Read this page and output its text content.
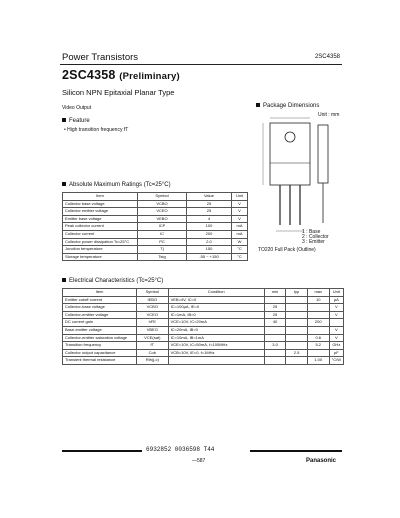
Power Transistors	2SC4358
2SC4358 (Preliminary)
Silicon NPN Epitaxial Planar Type
Video Output
Feature
• High transition frequency fT
Package Dimensions
Unit : mm
1 : Base
2 : Collector
3 : Emitter
TO220 Full Pack (Outline)
Absolute Maximum Ratings (Tc=25°C)
Item	Symbol	Value	Unit
Collector base voltage	VCBO	25	V
Collector emitter voltage	VCEO	25	V
Emitter base voltage	VEBO	4	V
Peak collector current	ICP	100	mA
Collector current	IC	200	mA
Collector power dissipation Tc=25°C	PC	2.0	W
Junction temperature	Tj	150	°C
Storage temperature	Tstg	-55 ~ +150	°C
Electrical Characteristics (Tc=25°C)
Item	Symbol	Condition	min	typ	max	Unit
Emitter cutoff current	IEBO	VEB=4V, IC=0			10	μA
Collector-base voltage	VCBO	IC=100μA, IE=0	25			V
Collector-emitter voltage	VCEO	IC=1mA, IB=0	25			V
DC current gain	hFE	VCE=10V, IC=20mA	40		200	
Base-emitter voltage	VBEO	IC=20mA, IB=0				V
Collector-emitter saturation voltage	VCE(sat)	IC=10mA, IB=1mA			0.6	V
Transition frequency	fT	VCE=10V, IC=50mA, f=100MHz	3.0		5.2	GHz
Collector output capacitance	Cob	VCB=10V, IE=0, f=1MHz		2.5		pF
Transient thermal resistance	Rth(j-c)				1.00	°C/W
6932852 0036598 T44
—587	Panasonic
